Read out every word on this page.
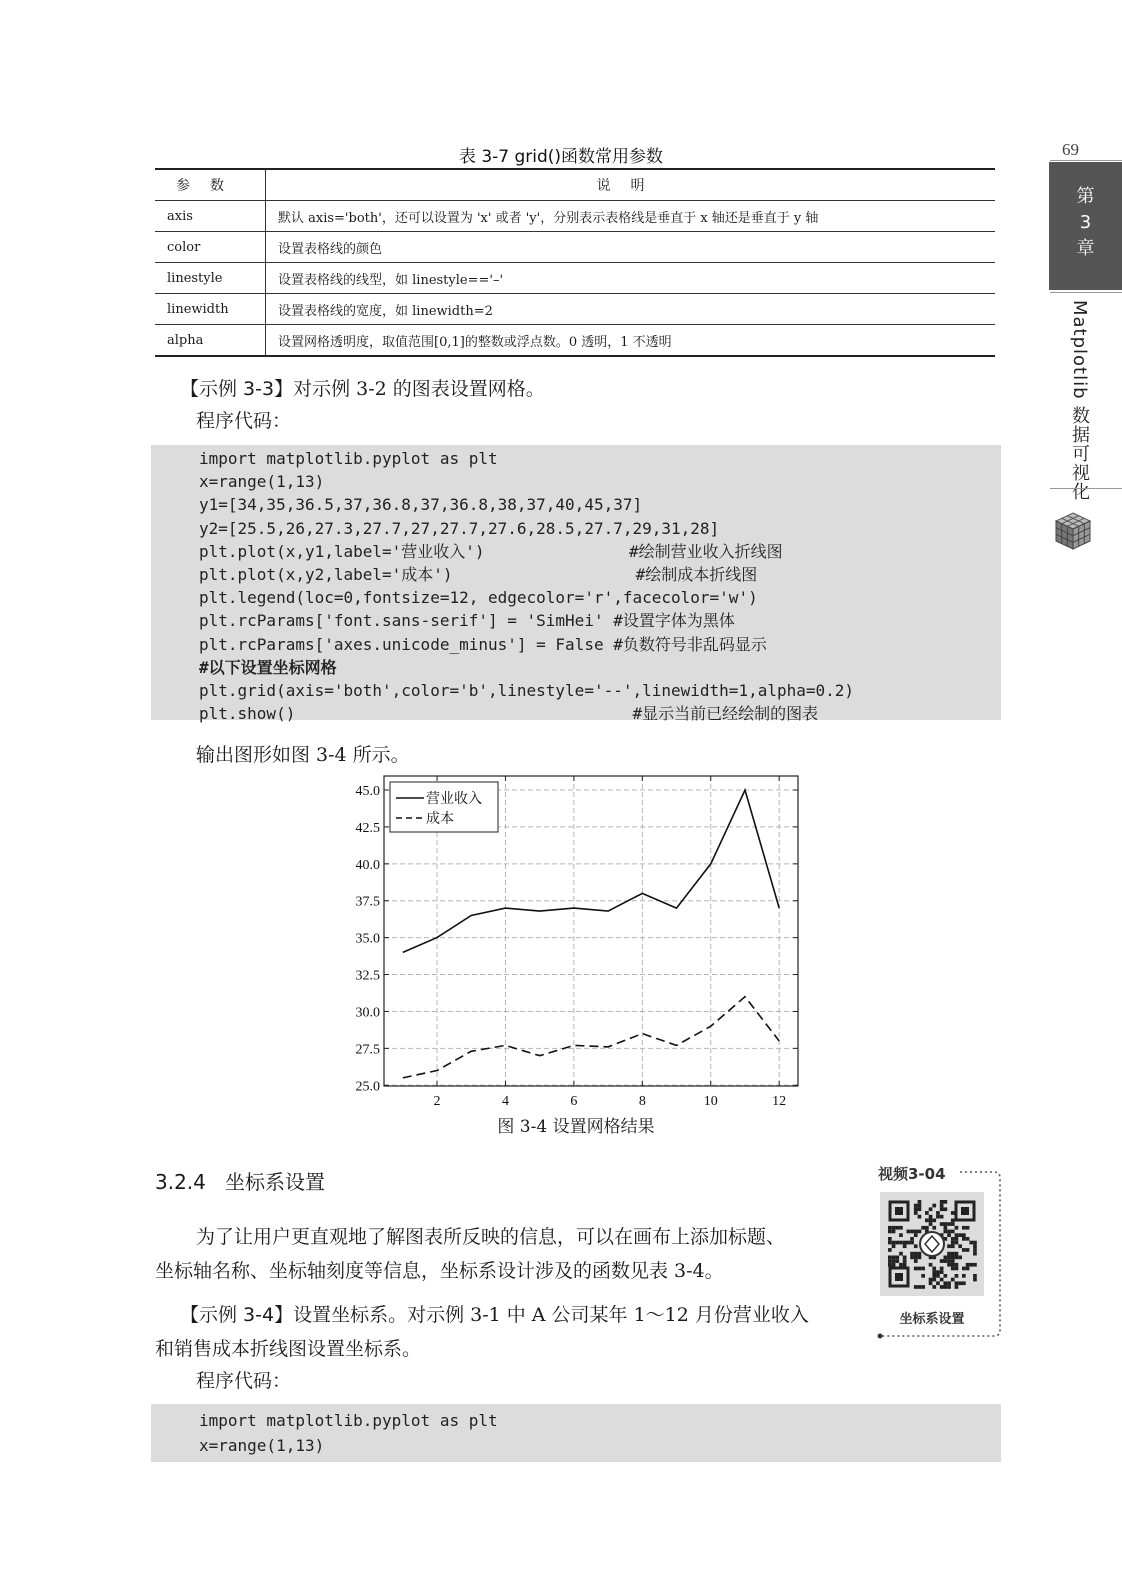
69
第
3
章
Matplotlib 数据可视化
表 3-7 grid()函数常用参数
参数	说明
axis	默认 axis='both'，还可以设置为 'x' 或者 'y'，分别表示表格线是垂直于 x 轴还是垂直于 y 轴
color	设置表格线的颜色
linestyle	设置表格线的线型，如 linestyle=='–'
linewidth	设置表格线的宽度，如 linewidth=2
alpha	设置网格透明度，取值范围[0,1]的整数或浮点数。0 透明，1 不透明
【示例 3-3】对示例 3-2 的图表设置网格。
程序代码：
import matplotlib.pyplot as plt
x=range(1,13)
y1=[34,35,36.5,37,36.8,37,36.8,38,37,40,45,37]
y2=[25.5,26,27.3,27.7,27,27.7,27.6,28.5,27.7,29,31,28]
plt.plot(x,y1,label='营业收入')               #绘制营业收入折线图
plt.plot(x,y2,label='成本')                   #绘制成本折线图
plt.legend(loc=0,fontsize=12, edgecolor='r',facecolor='w')
plt.rcParams['font.sans-serif'] = 'SimHei' #设置字体为黑体
plt.rcParams['axes.unicode_minus'] = False #负数符号非乱码显示
#以下设置坐标网格
plt.grid(axis='both',color='b',linestyle='--',linewidth=1,alpha=0.2)
plt.show()                                   #显示当前已经绘制的图表
输出图形如图 3-4 所示。
2	4	6	8	10	12
25.0
27.5
30.0
32.5
35.0
37.5
40.0
42.5
45.0	营业收入
成本
图 3-4 设置网格结果
3.2.4 坐标系设置
为了让用户更直观地了解图表所反映的信息，可以在画布上添加标题、
坐标轴名称、坐标轴刻度等信息，坐标系设计涉及的函数见表 3-4。
【示例 3-4】设置坐标系。对示例 3-1 中 A 公司某年 1～12 月份营业收入
和销售成本折线图设置坐标系。
程序代码：
视频3-04
坐标系设置
import matplotlib.pyplot as plt
x=range(1,13)
